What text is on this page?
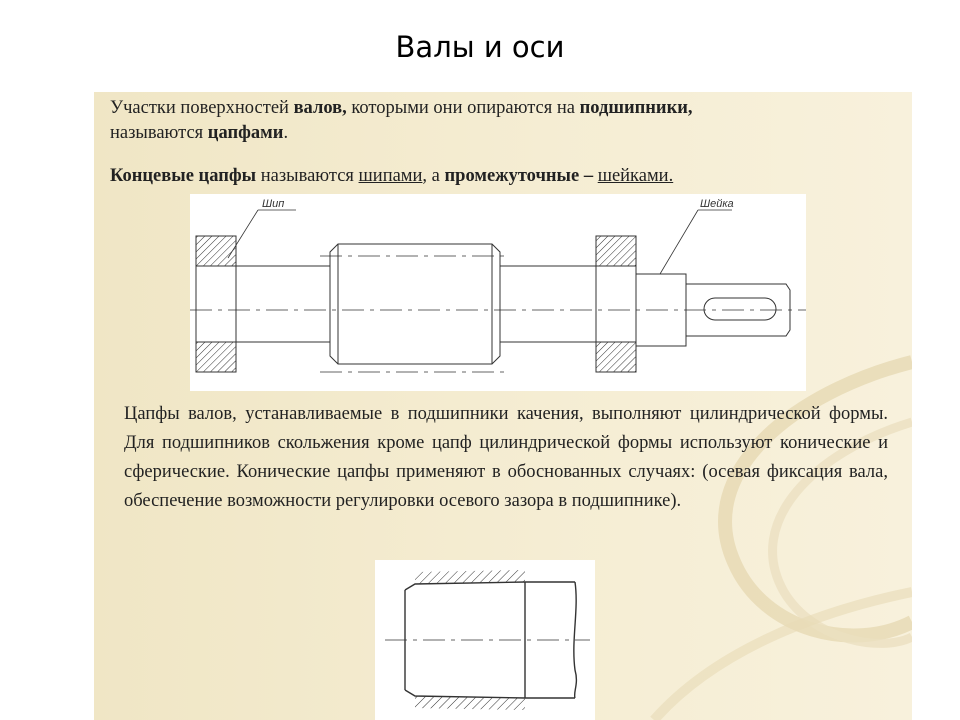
Валы и оси
Участки поверхностей валов, которыми они опираются на подшипники,
называются цапфами.
Концевые цапфы называются шипами, а промежуточные – шейками.
Шип	Шейка
Цапфы валов, устанавливаемые в подшипники качения, выполняют цилиндрической формы. Для подшипников скольжения кроме цапф цилиндрической формы используют конические и сферические. Конические цапфы применяют в обоснованных случаях: (осевая фиксация вала, обеспечение возможности регулировки осевого зазора в подшипнике).
